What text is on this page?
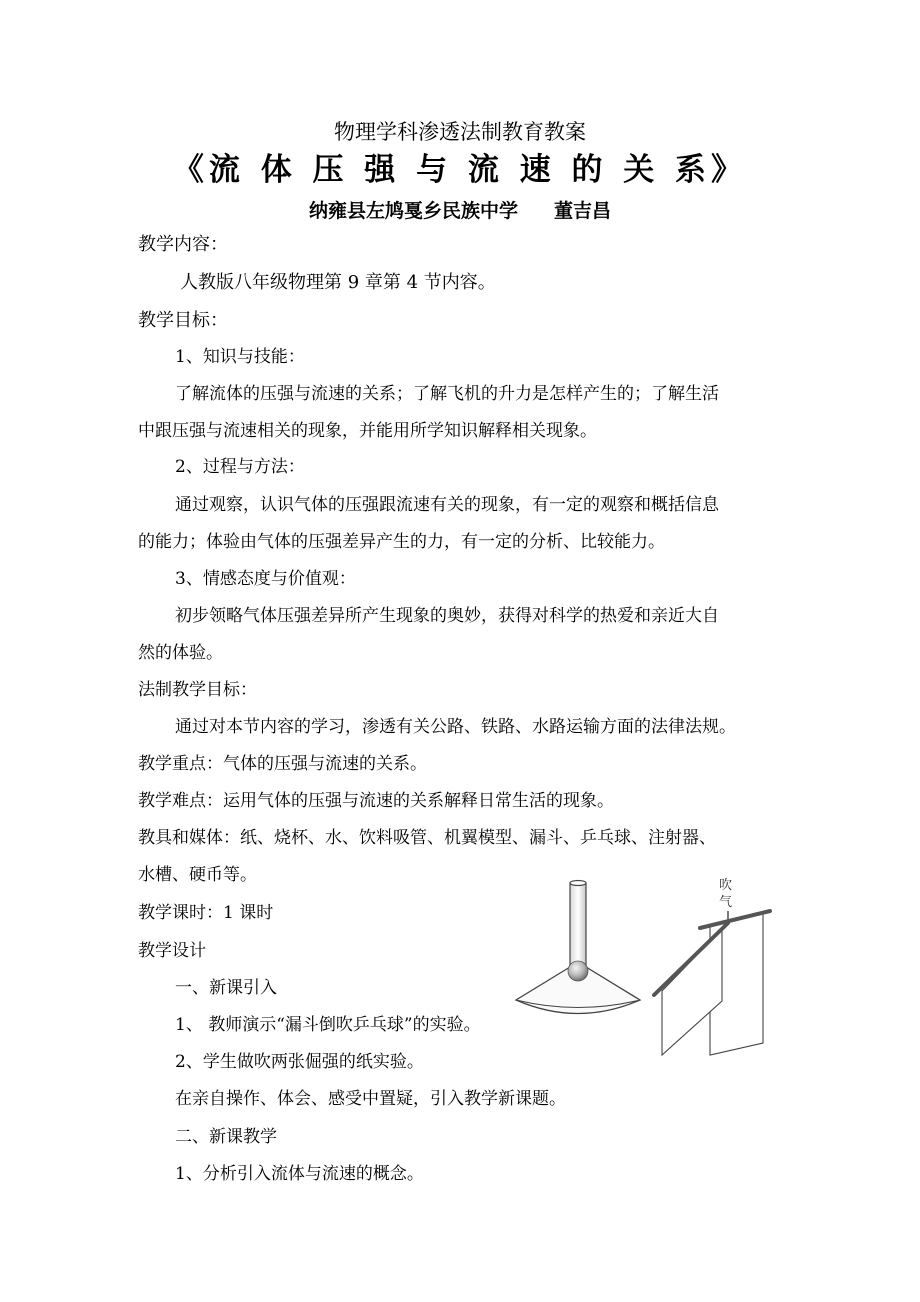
物理学科渗透法制教育教案
《流 体 压 强 与 流 速 的 关 系》
纳雍县左鸠戛乡民族中学 董吉昌
教学内容：
人教版八年级物理第 9 章第 4 节内容。
教学目标：
1、知识与技能：
了解流体的压强与流速的关系；了解飞机的升力是怎样产生的；了解生活
中跟压强与流速相关的现象，并能用所学知识解释相关现象。
2、过程与方法：
通过观察，认识气体的压强跟流速有关的现象，有一定的观察和概括信息
的能力；体验由气体的压强差异产生的力，有一定的分析、比较能力。
3、情感态度与价值观：
初步领略气体压强差异所产生现象的奥妙，获得对科学的热爱和亲近大自
然的体验。
法制教学目标：
通过对本节内容的学习，渗透有关公路、铁路、水路运输方面的法律法规。
教学重点：气体的压强与流速的关系。
教学难点：运用气体的压强与流速的关系解释日常生活的现象。
教具和媒体：纸、烧杯、水、饮料吸管、机翼模型、漏斗、乒乓球、注射器、
水槽、硬币等。
教学课时：1 课时
教学设计
一、新课引入
1、 教师演示“漏斗倒吹乒乓球”的实验。
2、学生做吹两张倔强的纸实验。
在亲自操作、体会、感受中置疑，引入教学新课题。
二、新课教学
1、分析引入流体与流速的概念。
吹
气
